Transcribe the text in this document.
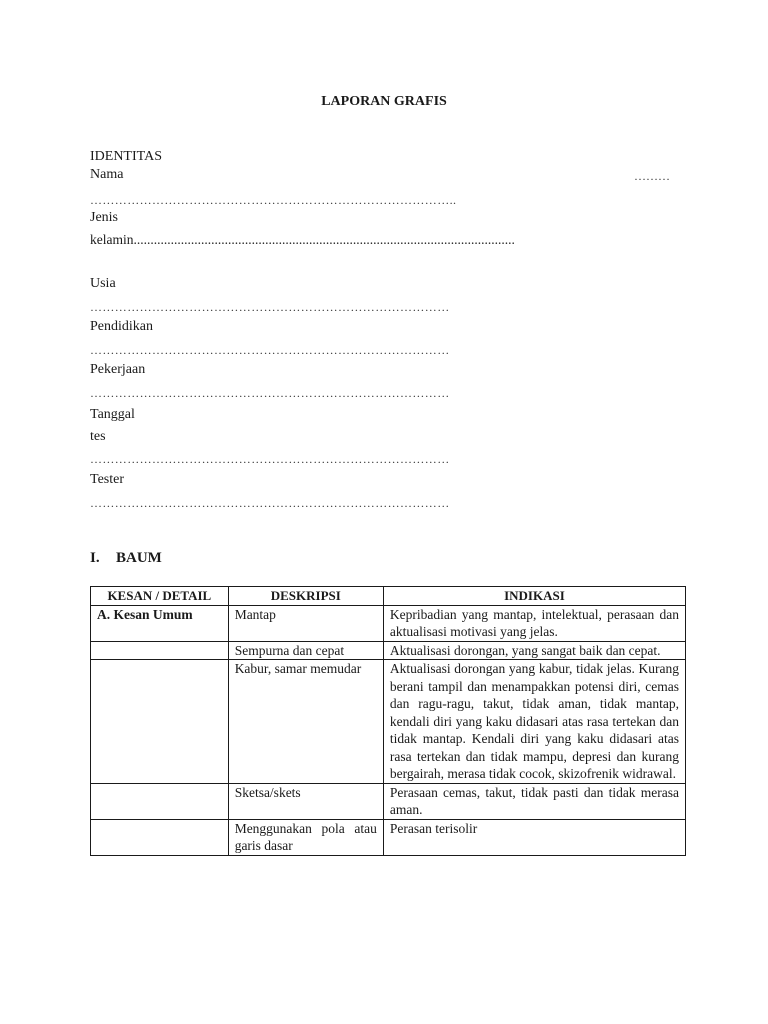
LAPORAN GRAFIS
IDENTITAS
Nama	………
……………………………………………………………………………..
Jenis
kelamin.................................................................................................................
Usia
……………………………………………………………………………
Pendidikan
……………………………………………………………………………
Pekerjaan
……………………………………………………………………………
Tanggal
tes
……………………………………………………………………………
Tester
……………………………………………………………………………
I. BAUM
KESAN / DETAIL	DESKRIPSI	INDIKASI
A. Kesan Umum	Mantap	Kepribadian yang mantap, intelektual, perasaan dan aktualisasi motivasi yang jelas.
	Sempurna dan cepat	Aktualisasi dorongan, yang sangat baik dan cepat.
	Kabur, samar memudar	Aktualisasi dorongan yang kabur, tidak jelas. Kurang berani tampil dan menampakkan potensi diri, cemas dan ragu-ragu, takut, tidak aman, tidak mantap, kendali diri yang kaku didasari atas rasa tertekan dan tidak mantap. Kendali diri yang kaku didasari atas rasa tertekan dan tidak mampu, depresi dan kurang bergairah, merasa tidak cocok, skizofrenik widrawal.
	Sketsa/skets	Perasaan cemas, takut, tidak pasti dan tidak merasa aman.
	Menggunakan pola atau garis dasar	Perasan terisolir
